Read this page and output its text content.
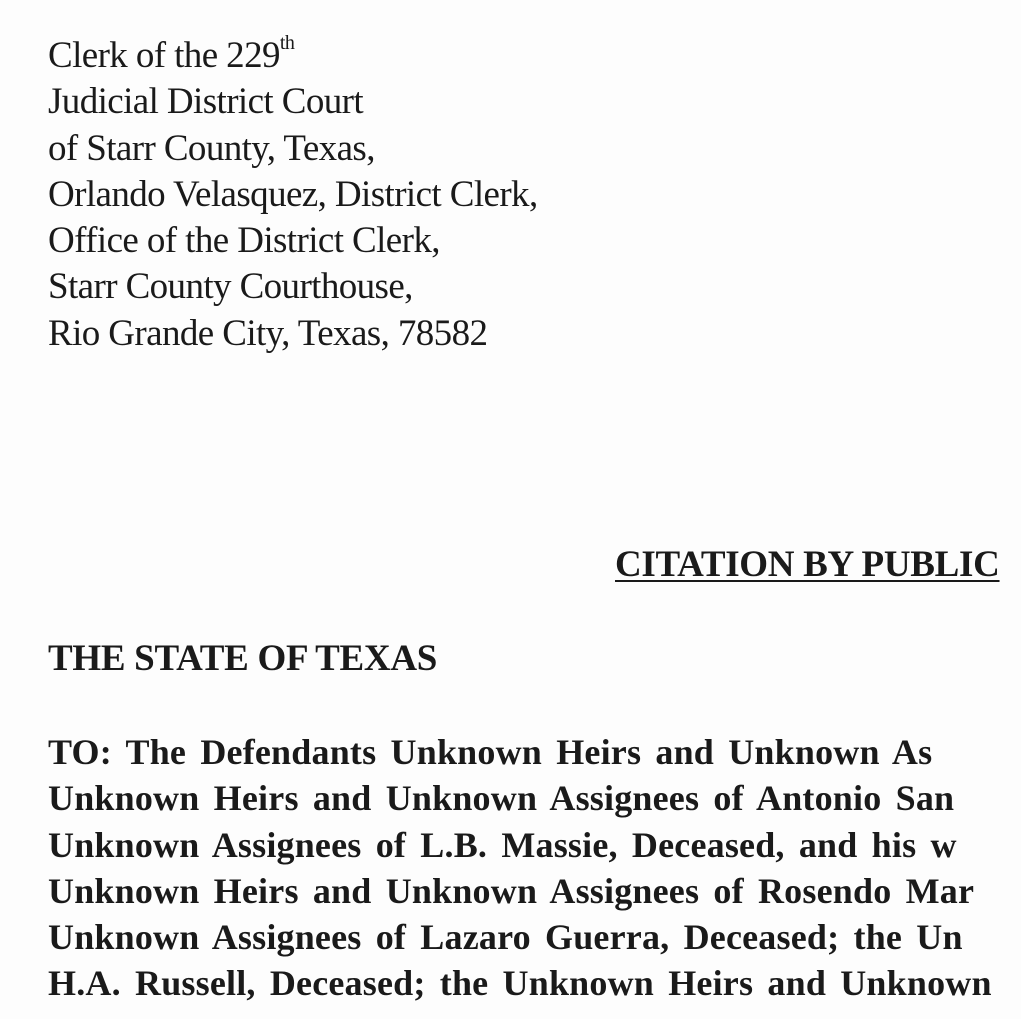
Clerk of the 229th
Judicial District Court
of Starr County, Texas,
Orlando Velasquez, District Clerk,
Office of the District Clerk,
Starr County Courthouse,
Rio Grande City, Texas, 78582
CITATION BY PUBLIC
THE STATE OF TEXAS
TO: The Defendants Unknown Heirs and Unknown As
Unknown Heirs and Unknown Assignees of Antonio San
Unknown Assignees of L.B. Massie, Deceased, and his w
Unknown Heirs and Unknown Assignees of Rosendo Mar
Unknown Assignees of Lazaro Guerra, Deceased; the Un
H.A. Russell, Deceased; the Unknown Heirs and Unknown
